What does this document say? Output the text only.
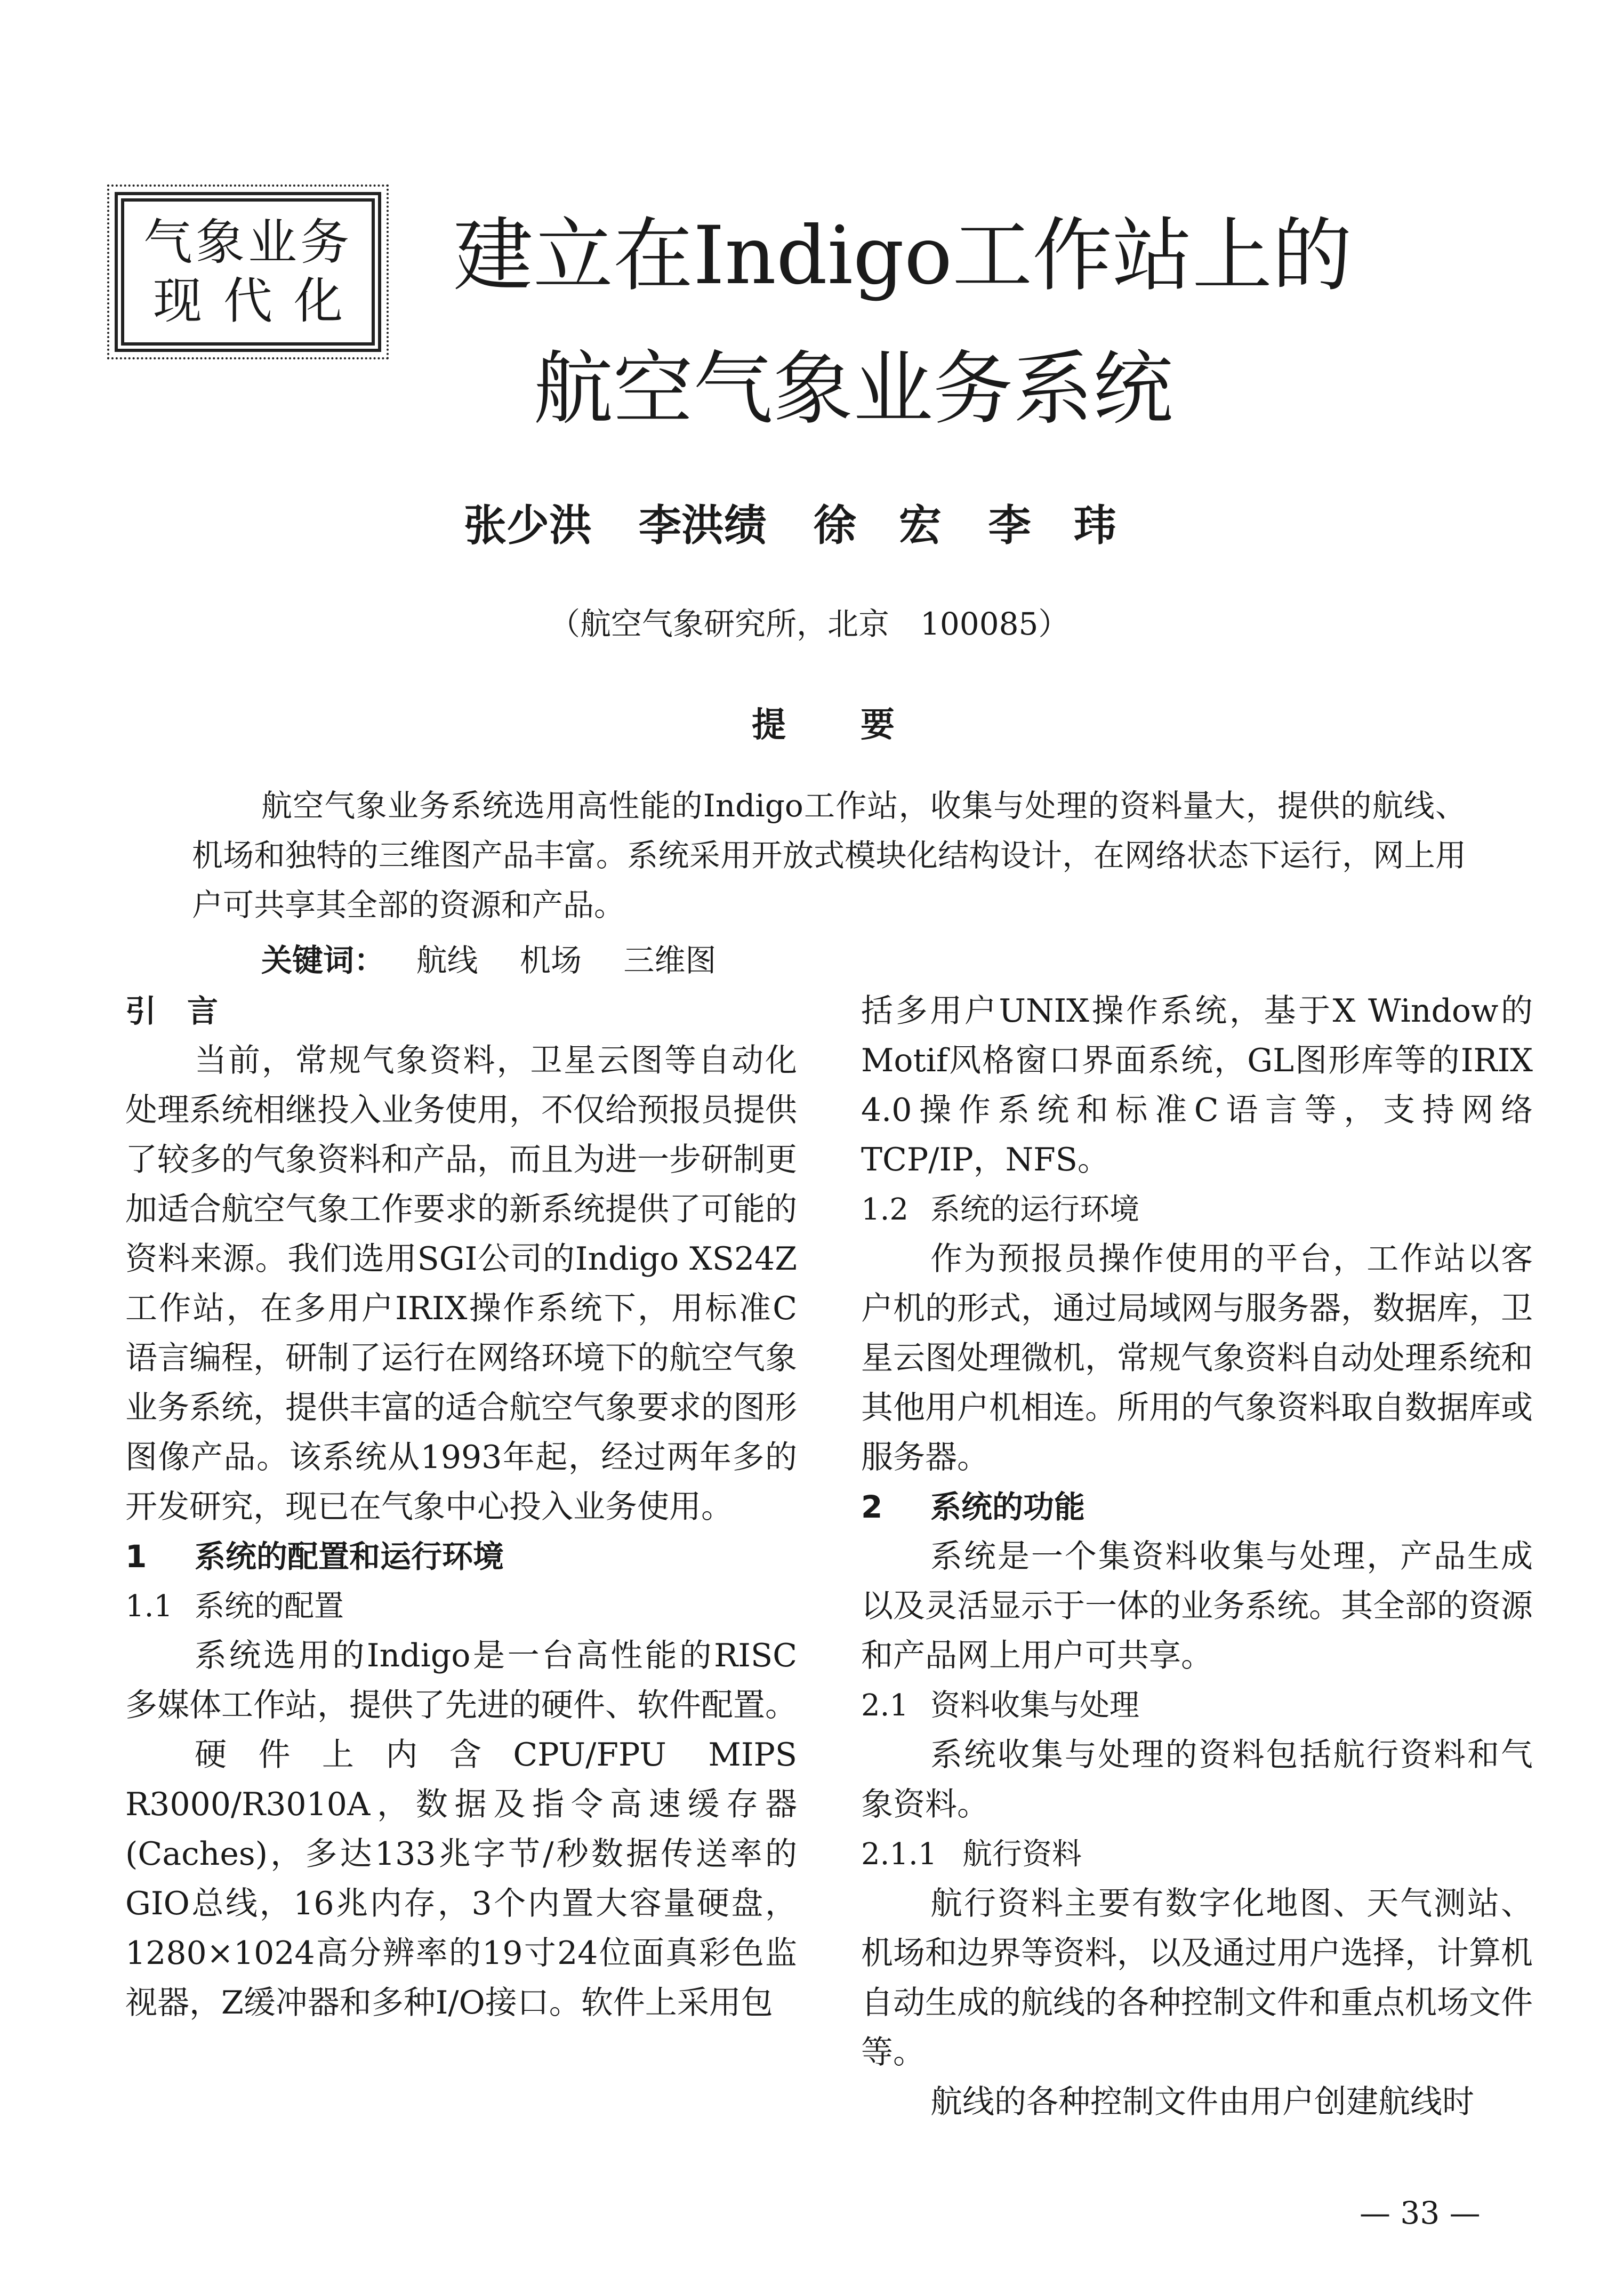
气象业务
现代化 建立在Indigo工作站上的
航空气象业务系统
张少洪 李洪绩 徐　宏 李　玮
（航空气象研究所，北京　100085）
提要
航空气象业务系统选用高性能的Indigo工作站，收集与处理的资料量大，提供的航线、机场和独特的三维图产品丰富。系统采用开放式模块化结构设计，在网络状态下运行，网上用户可共享其全部的资源和产品。
关键词： 航线 机场 三维图
引　言

当前，常规气象资料，卫星云图等自动化处理系统相继投入业务使用，不仅给预报员提供了较多的气象资料和产品，而且为进一步研制更加适合航空气象工作要求的新系统提供了可能的资料来源。我们选用SGI公司的Indigo XS24Z工作站，在多用户IRIX操作系统下，用标准C语言编程，研制了运行在网络环境下的航空气象业务系统，提供丰富的适合航空气象要求的图形图像产品。该系统从1993年起，经过两年多的开发研究，现已在气象中心投入业务使用。

1 系统的配置和运行环境
1.1 系统的配置

系统选用的Indigo是一台高性能的RISC多媒体工作站，提供了先进的硬件、软件配置。

硬件上内含CPU/FPU MIPS R3000/R3010A，数据及指令高速缓存器(Caches)，多达133兆字节/秒数据传送率的GIO总线，16兆内存，3个内置大容量硬盘，1280×1024高分辨率的19寸24位面真彩色监视器，Z缓冲器和多种I/O接口。软件上采用包

括多用户UNIX操作系统，基于X Window的Motif风格窗口界面系统，GL图形库等的IRIX 4.0操作系统和标准C语言等，支持网络TCP/IP，NFS。

1.2 系统的运行环境

作为预报员操作使用的平台，工作站以客户机的形式，通过局域网与服务器，数据库，卫星云图处理微机，常规气象资料自动处理系统和其他用户机相连。所用的气象资料取自数据库或服务器。

2 系统的功能

系统是一个集资料收集与处理，产品生成以及灵活显示于一体的业务系统。其全部的资源和产品网上用户可共享。

2.1 资料收集与处理

系统收集与处理的资料包括航行资料和气象资料。

2.1.1 航行资料

航行资料主要有数字化地图、天气测站、机场和边界等资料，以及通过用户选择，计算机自动生成的航线的各种控制文件和重点机场文件等。

航线的各种控制文件由用户创建航线时

— 33 —
